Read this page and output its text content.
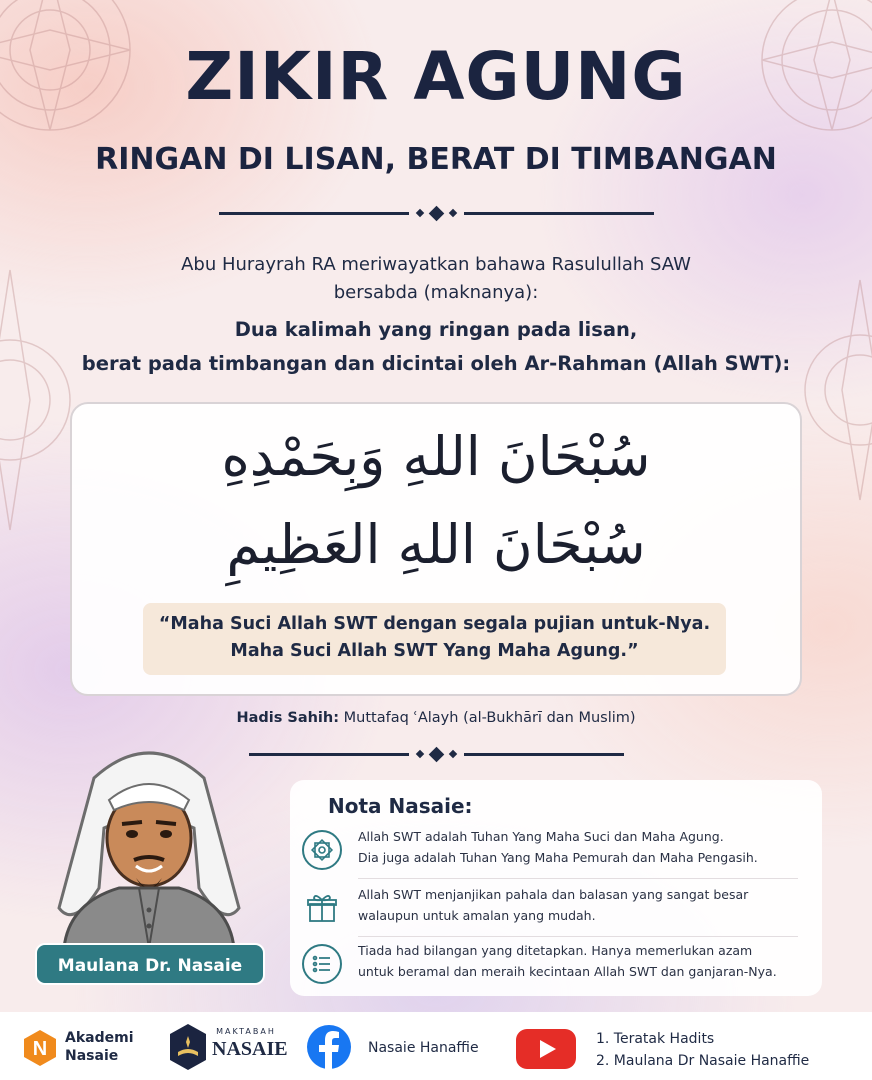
ZIKIR AGUNG
RINGAN DI LISAN, BERAT DI TIMBANGAN
Abu Hurayrah RA meriwayatkan bahawa Rasulullah SAW
bersabda (maknanya):
Dua kalimah yang ringan pada lisan,
berat pada timbangan dan dicintai oleh Ar-Rahman (Allah SWT):
سُبْحَانَ اللهِ وَبِحَمْدِهِ
سُبْحَانَ اللهِ العَظِيمِ
“Maha Suci Allah SWT dengan segala pujian untuk-Nya.
Maha Suci Allah SWT Yang Maha Agung.”
Hadis Sahih: Muttafaq ʿAlayh (al-Bukhārī dan Muslim)
Maulana Dr. Nasaie
Nota Nasaie:
Allah SWT adalah Tuhan Yang Maha Suci dan Maha Agung.
Dia juga adalah Tuhan Yang Maha Pemurah dan Maha Pengasih.
Allah SWT menjanjikan pahala dan balasan yang sangat besar
walaupun untuk amalan yang mudah.
Tiada had bilangan yang ditetapkan. Hanya memerlukan azam
untuk beramal dan meraih kecintaan Allah SWT dan ganjaran-Nya.
N Akademi
Nasaie
MAKTABAH
NASAIE	Nasaie Hanaffie
1. Teratak Hadits
2. Maulana Dr Nasaie Hanaffie
